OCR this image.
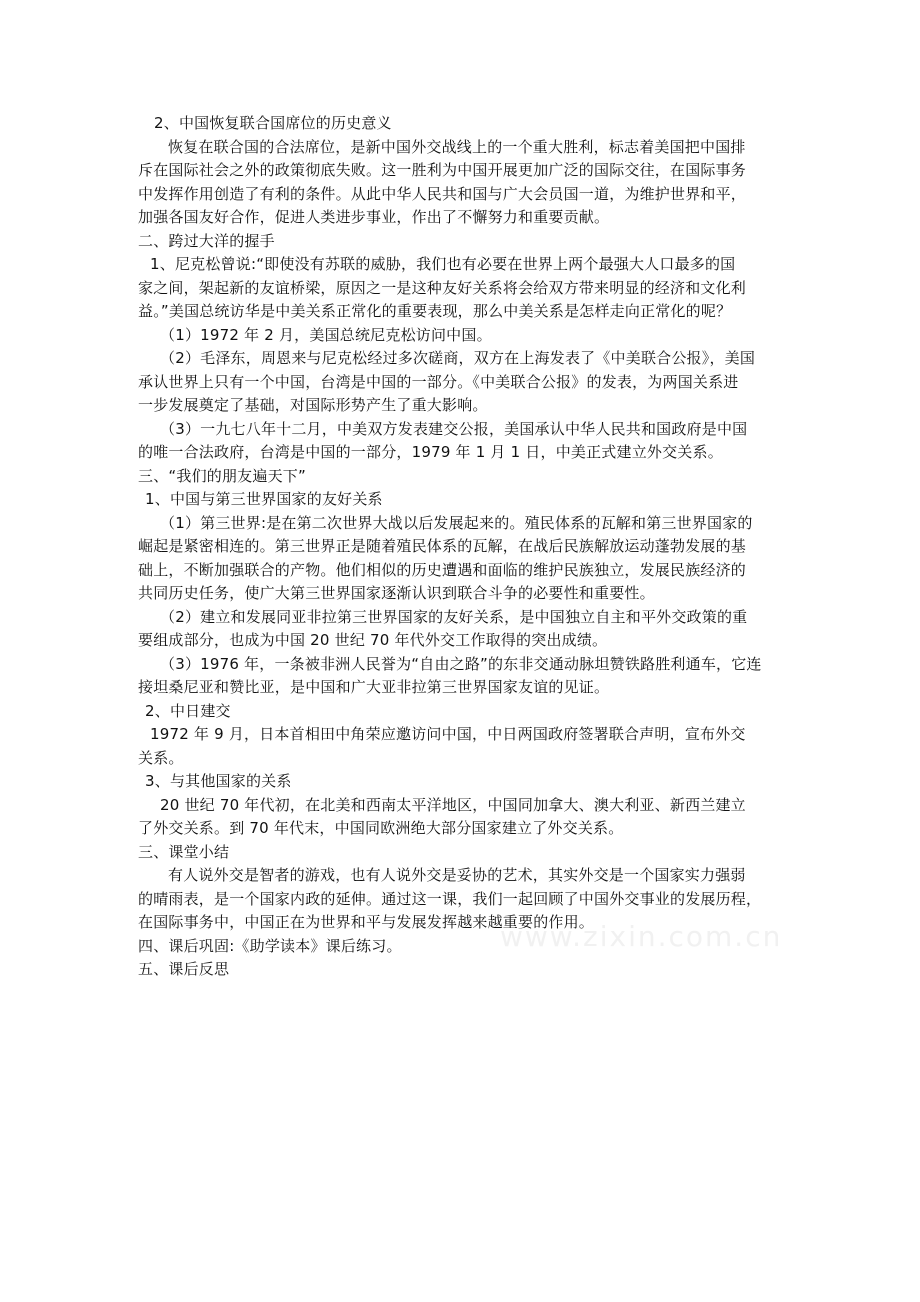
2、中国恢复联合国席位的历史意义
恢复在联合国的合法席位，是新中国外交战线上的一个重大胜利，标志着美国把中国排
斥在国际社会之外的政策彻底失败。这一胜利为中国开展更加广泛的国际交往，在国际事务
中发挥作用创造了有利的条件。从此中华人民共和国与广大会员国一道，为维护世界和平，
加强各国友好合作，促进人类进步事业，作出了不懈努力和重要贡献。
二、跨过大洋的握手
1、尼克松曾说:“即使没有苏联的威胁，我们也有必要在世界上两个最强大人口最多的国
家之间，架起新的友谊桥梁，原因之一是这种友好关系将会给双方带来明显的经济和文化利
益。”美国总统访华是中美关系正常化的重要表现，那么中美关系是怎样走向正常化的呢？
（1）1972 年 2 月，美国总统尼克松访问中国。
（2）毛泽东，周恩来与尼克松经过多次磋商，双方在上海发表了《中美联合公报》，美国
承认世界上只有一个中国，台湾是中国的一部分。《中美联合公报》的发表，为两国关系进
一步发展奠定了基础，对国际形势产生了重大影响。
（3）一九七八年十二月，中美双方发表建交公报，美国承认中华人民共和国政府是中国
的唯一合法政府，台湾是中国的一部分，1979 年 1 月 1 日，中美正式建立外交关系。
三、“我们的朋友遍天下”
1、中国与第三世界国家的友好关系
（1）第三世界:是在第二次世界大战以后发展起来的。殖民体系的瓦解和第三世界国家的
崛起是紧密相连的。第三世界正是随着殖民体系的瓦解，在战后民族解放运动蓬勃发展的基
础上，不断加强联合的产物。他们相似的历史遭遇和面临的维护民族独立，发展民族经济的
共同历史任务，使广大第三世界国家逐渐认识到联合斗争的必要性和重要性。
（2）建立和发展同亚非拉第三世界国家的友好关系，是中国独立自主和平外交政策的重
要组成部分，也成为中国 20 世纪 70 年代外交工作取得的突出成绩。
（3）1976 年，一条被非洲人民誉为“自由之路”的东非交通动脉坦赞铁路胜利通车，它连
接坦桑尼亚和赞比亚，是中国和广大亚非拉第三世界国家友谊的见证。
2、中日建交
1972 年 9 月，日本首相田中角荣应邀访问中国，中日两国政府签署联合声明，宣布外交
关系。
3、与其他国家的关系
20 世纪 70 年代初，在北美和西南太平洋地区，中国同加拿大、澳大利亚、新西兰建立
了外交关系。到 70 年代末，中国同欧洲绝大部分国家建立了外交关系。
三、课堂小结
有人说外交是智者的游戏，也有人说外交是妥协的艺术，其实外交是一个国家实力强弱
的晴雨表，是一个国家内政的延伸。通过这一课，我们一起回顾了中国外交事业的发展历程，
在国际事务中，中国正在为世界和平与发展发挥越来越重要的作用。
四、课后巩固:《助学读本》课后练习。
五、课后反思
www.zixin.com.cn
